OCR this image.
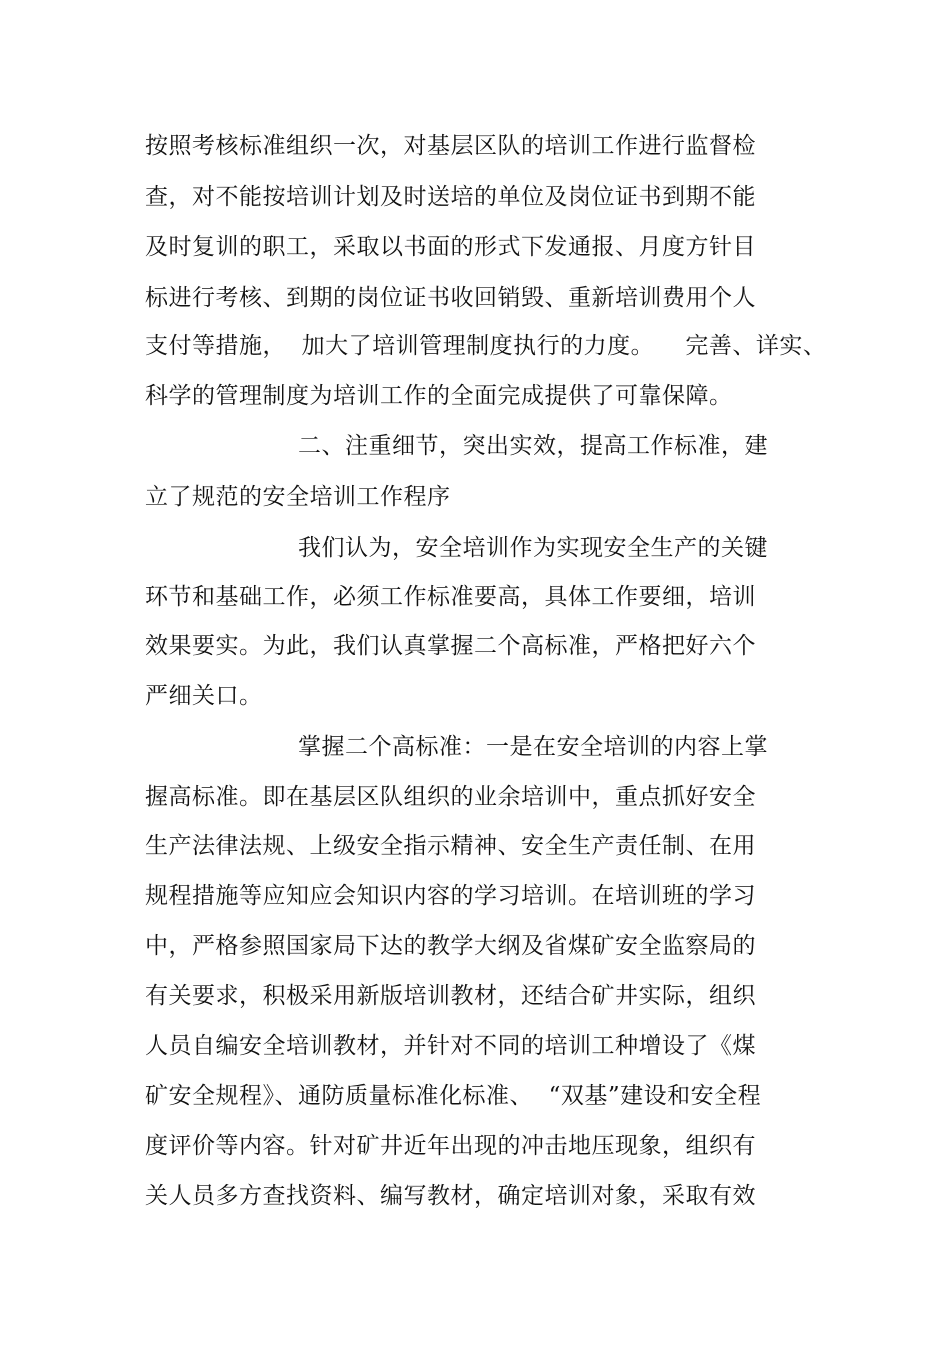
按照考核标准组织一次，对基层区队的培训工作进行监督检
查，对不能按培训计划及时送培的单位及岗位证书到期不能
及时复训的职工，采取以书面的形式下发通报、月度方针目
标进行考核、到期的岗位证书收回销毁、重新培训费用个人
支付等措施，  加大了培训管理制度执行的力度。    完善、详实、
科学的管理制度为培训工作的全面完成提供了可靠保障。
二、注重细节，突出实效，提高工作标准，建
立了规范的安全培训工作程序
我们认为，安全培训作为实现安全生产的关键
环节和基础工作，必须工作标准要高，具体工作要细，培训
效果要实。为此，我们认真掌握二个高标准，严格把好六个
严细关口。
掌握二个高标准：一是在安全培训的内容上掌
握高标准。即在基层区队组织的业余培训中，重点抓好安全
生产法律法规、上级安全指示精神、安全生产责任制、在用
规程措施等应知应会知识内容的学习培训。在培训班的学习
中，严格参照国家局下达的教学大纲及省煤矿安全监察局的
有关要求，积极采用新版培训教材，还结合矿井实际，组织
人员自编安全培训教材，并针对不同的培训工种增设了《煤
矿安全规程》、通防质量标准化标准、  “双基”建设和安全程
度评价等内容。针对矿井近年出现的冲击地压现象，组织有
关人员多方查找资料、编写教材，确定培训对象，采取有效
